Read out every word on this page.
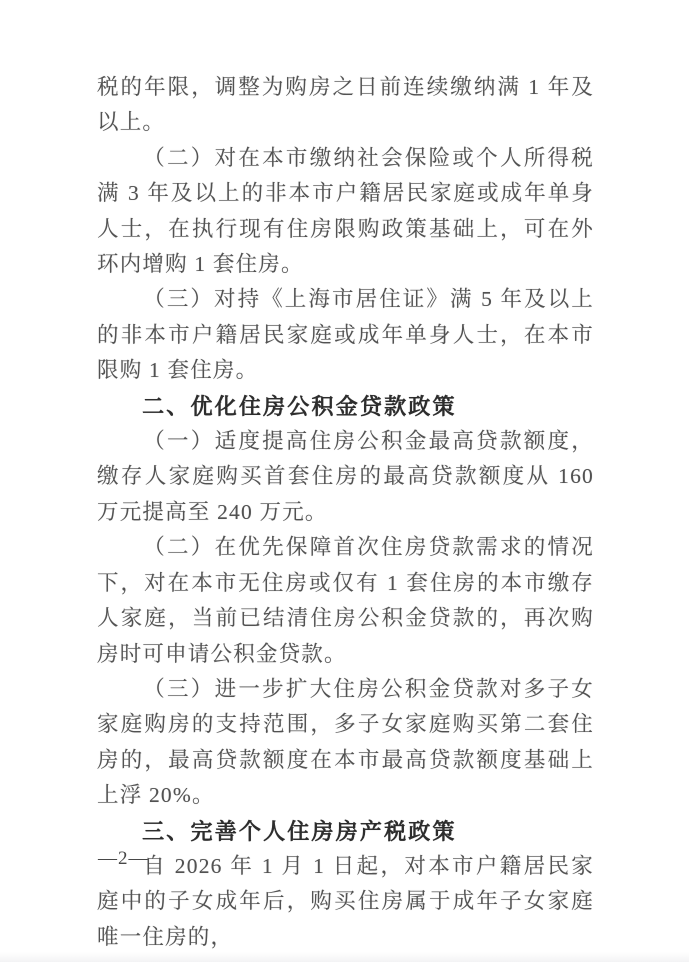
税的年限，调整为购房之日前连续缴纳满 1 年及以上。

（二）对在本市缴纳社会保险或个人所得税满 3 年及以上的非本市户籍居民家庭或成年单身人士，在执行现有住房限购政策基础上，可在外环内增购 1 套住房。

（三）对持《上海市居住证》满 5 年及以上的非本市户籍居民家庭或成年单身人士，在本市限购 1 套住房。

二、优化住房公积金贷款政策

（一）适度提高住房公积金最高贷款额度，缴存人家庭购买首套住房的最高贷款额度从 160 万元提高至 240 万元。

（二）在优先保障首次住房贷款需求的情况下，对在本市无住房或仅有 1 套住房的本市缴存人家庭，当前已结清住房公积金贷款的，再次购房时可申请公积金贷款。

（三）进一步扩大住房公积金贷款对多子女家庭购房的支持范围，多子女家庭购买第二套住房的，最高贷款额度在本市最高贷款额度基础上上浮 20%。

三、完善个人住房房产税政策

自 2026 年 1 月 1 日起，对本市户籍居民家庭中的子女成年后，购买住房属于成年子女家庭唯一住房的，

—2—
